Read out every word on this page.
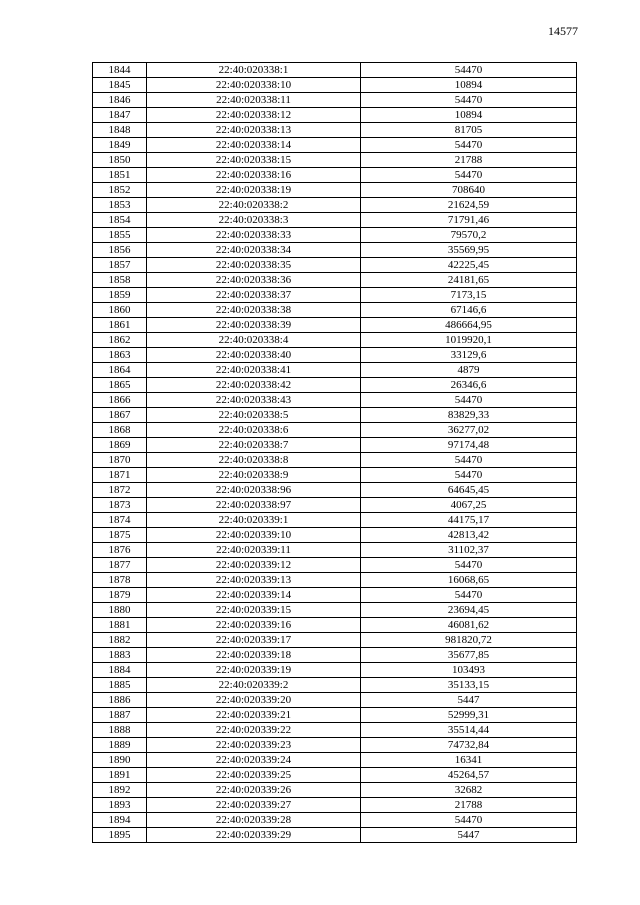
14577
1844	22:40:020338:1	54470
1845	22:40:020338:10	10894
1846	22:40:020338:11	54470
1847	22:40:020338:12	10894
1848	22:40:020338:13	81705
1849	22:40:020338:14	54470
1850	22:40:020338:15	21788
1851	22:40:020338:16	54470
1852	22:40:020338:19	708640
1853	22:40:020338:2	21624,59
1854	22:40:020338:3	71791,46
1855	22:40:020338:33	79570,2
1856	22:40:020338:34	35569,95
1857	22:40:020338:35	42225,45
1858	22:40:020338:36	24181,65
1859	22:40:020338:37	7173,15
1860	22:40:020338:38	67146,6
1861	22:40:020338:39	486664,95
1862	22:40:020338:4	1019920,1
1863	22:40:020338:40	33129,6
1864	22:40:020338:41	4879
1865	22:40:020338:42	26346,6
1866	22:40:020338:43	54470
1867	22:40:020338:5	83829,33
1868	22:40:020338:6	36277,02
1869	22:40:020338:7	97174,48
1870	22:40:020338:8	54470
1871	22:40:020338:9	54470
1872	22:40:020338:96	64645,45
1873	22:40:020338:97	4067,25
1874	22:40:020339:1	44175,17
1875	22:40:020339:10	42813,42
1876	22:40:020339:11	31102,37
1877	22:40:020339:12	54470
1878	22:40:020339:13	16068,65
1879	22:40:020339:14	54470
1880	22:40:020339:15	23694,45
1881	22:40:020339:16	46081,62
1882	22:40:020339:17	981820,72
1883	22:40:020339:18	35677,85
1884	22:40:020339:19	103493
1885	22:40:020339:2	35133,15
1886	22:40:020339:20	5447
1887	22:40:020339:21	52999,31
1888	22:40:020339:22	35514,44
1889	22:40:020339:23	74732,84
1890	22:40:020339:24	16341
1891	22:40:020339:25	45264,57
1892	22:40:020339:26	32682
1893	22:40:020339:27	21788
1894	22:40:020339:28	54470
1895	22:40:020339:29	5447
